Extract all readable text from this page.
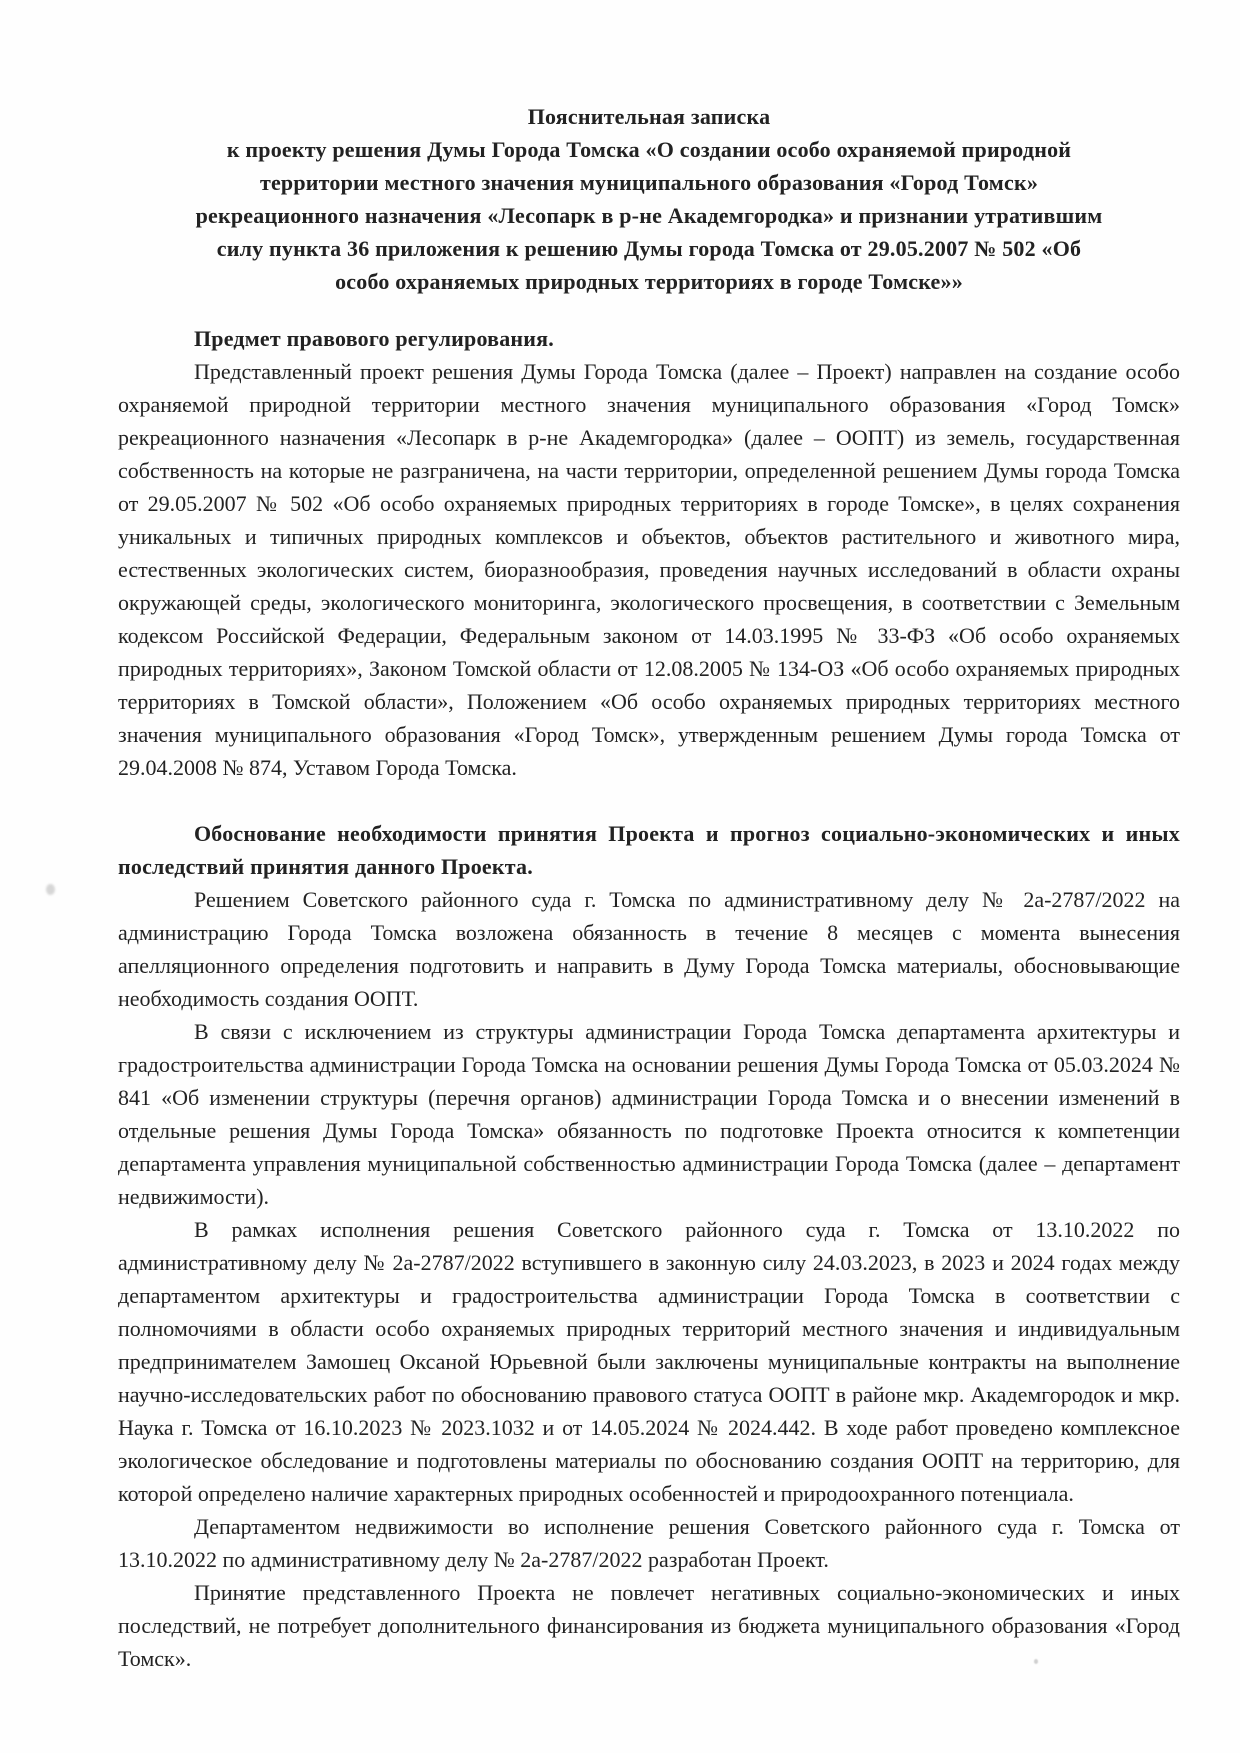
Пояснительная записка
к проекту решения Думы Города Томска «О создании особо охраняемой природной
территории местного значения муниципального образования «Город Томск»
рекреационного назначения «Лесопарк в р-не Академгородка» и признании утратившим
силу пункта 36 приложения к решению Думы города Томска от 29.05.2007 № 502 «Об
особо охраняемых природных территориях в городе Томске»»

Предмет правового регулирования.

Представленный проект решения Думы Города Томска (далее – Проект) направлен на создание особо охраняемой природной территории местного значения муниципального образования «Город Томск» рекреационного назначения «Лесопарк в р-не Академгородка» (далее – ООПТ) из земель, государственная собственность на которые не разграничена, на части территории, определенной решением Думы города Томска от 29.05.2007 № 502 «Об особо охраняемых природных территориях в городе Томске», в целях сохранения уникальных и типичных природных комплексов и объектов, объектов растительного и животного мира, естественных экологических систем, биоразнообразия, проведения научных исследований в области охраны окружающей среды, экологического мониторинга, экологического просвещения, в соответствии с Земельным кодексом Российской Федерации, Федеральным законом от 14.03.1995 № 33-ФЗ «Об особо охраняемых природных территориях», Законом Томской области от 12.08.2005 № 134-ОЗ «Об особо охраняемых природных территориях в Томской области», Положением «Об особо охраняемых природных территориях местного значения муниципального образования «Город Томск», утвержденным решением Думы города Томска от 29.04.2008 № 874, Уставом Города Томска.

Обоснование необходимости принятия Проекта и прогноз социально-экономических и иных последствий принятия данного Проекта.

Решением Советского районного суда г. Томска по административному делу № 2а-2787/2022 на администрацию Города Томска возложена обязанность в течение 8 месяцев с момента вынесения апелляционного определения подготовить и направить в Думу Города Томска материалы, обосновывающие необходимость создания ООПТ.

В связи с исключением из структуры администрации Города Томска департамента архитектуры и градостроительства администрации Города Томска на основании решения Думы Города Томска от 05.03.2024 № 841 «Об изменении структуры (перечня органов) администрации Города Томска и о внесении изменений в отдельные решения Думы Города Томска» обязанность по подготовке Проекта относится к компетенции департамента управления муниципальной собственностью администрации Города Томска (далее – департамент недвижимости).

В рамках исполнения решения Советского районного суда г. Томска от 13.10.2022 по административному делу № 2а-2787/2022 вступившего в законную силу 24.03.2023, в 2023 и 2024 годах между департаментом архитектуры и градостроительства администрации Города Томска в соответствии с полномочиями в области особо охраняемых природных территорий местного значения и индивидуальным предпринимателем Замошец Оксаной Юрьевной были заключены муниципальные контракты на выполнение научно-исследовательских работ по обоснованию правового статуса ООПТ в районе мкр. Академгородок и мкр. Наука г. Томска от 16.10.2023 № 2023.1032 и от 14.05.2024 № 2024.442. В ходе работ проведено комплексное экологическое обследование и подготовлены материалы по обоснованию создания ООПТ на территорию, для которой определено наличие характерных природных особенностей и природоохранного потенциала.

Департаментом недвижимости во исполнение решения Советского районного суда г. Томска от 13.10.2022 по административному делу № 2а-2787/2022 разработан Проект.

Принятие представленного Проекта не повлечет негативных социально-экономических и иных последствий, не потребует дополнительного финансирования из бюджета муниципального образования «Город Томск».
